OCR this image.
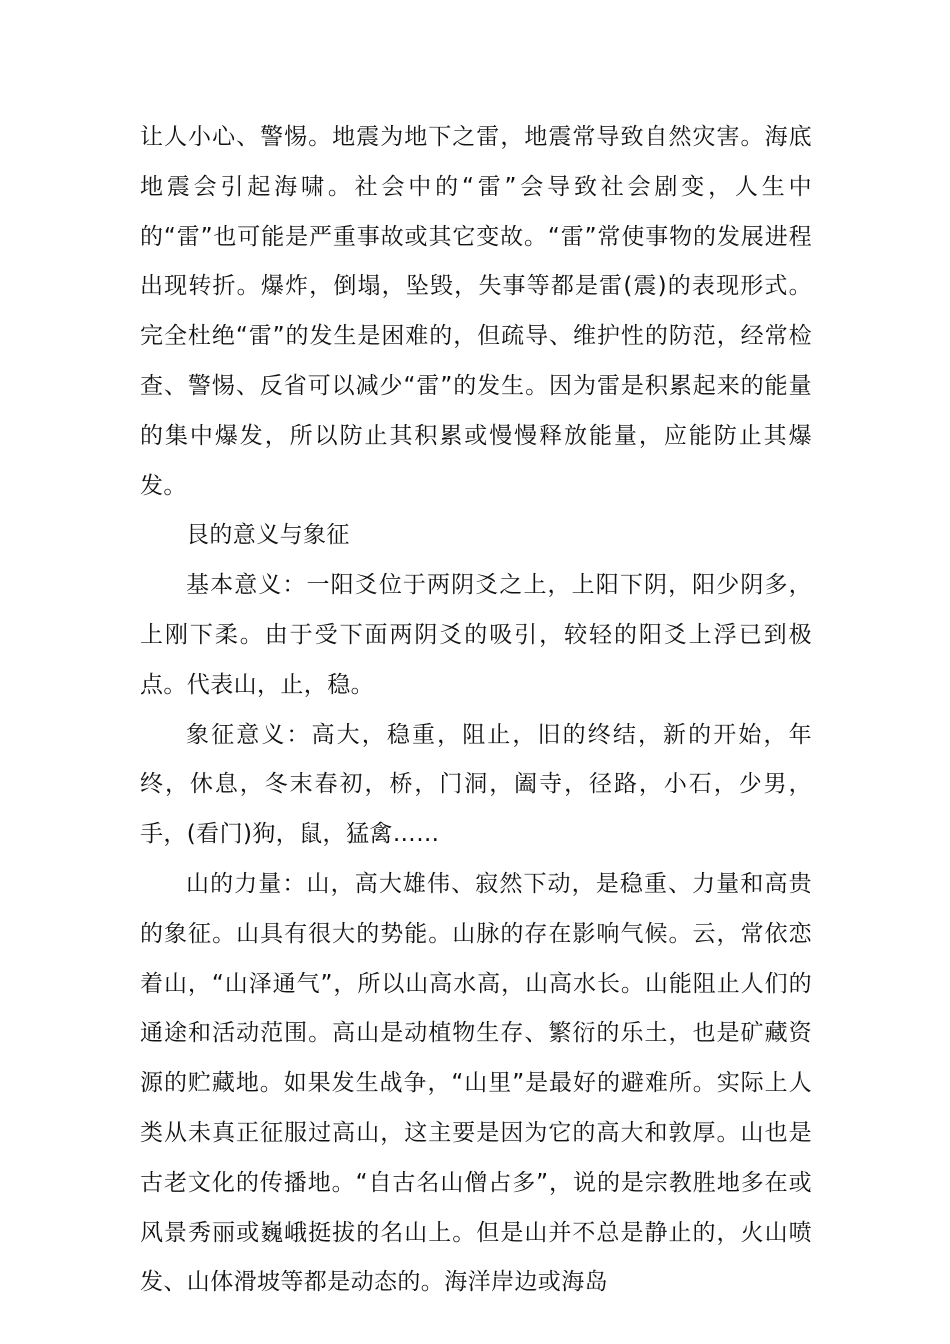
让人小心、警惕。地震为地下之雷，地震常导致自然灾害。海底地震会引起海啸。社会中的“雷”会导致社会剧变，人生中的“雷”也可能是严重事故或其它变故。“雷”常使事物的发展进程出现转折。爆炸，倒塌，坠毁，失事等都是雷(震)的表现形式。完全杜绝“雷”的发生是困难的，但疏导、维护性的防范，经常检查、警惕、反省可以减少“雷”的发生。因为雷是积累起来的能量的集中爆发，所以防止其积累或慢慢释放能量，应能防止其爆发。

艮的意义与象征

基本意义：一阳爻位于两阴爻之上，上阳下阴，阳少阴多，上刚下柔。由于受下面两阴爻的吸引，较轻的阳爻上浮已到极点。代表山，止，稳。

象征意义：高大，稳重，阻止，旧的终结，新的开始，年终，休息，冬末春初，桥，门洞，阖寺，径路，小石，少男，手，(看门)狗，鼠，猛禽……

山的力量：山，高大雄伟、寂然下动，是稳重、力量和高贵的象征。山具有很大的势能。山脉的存在影响气候。云，常依恋着山，“山泽通气”，所以山高水高，山高水长。山能阻止人们的通途和活动范围。高山是动植物生存、繁衍的乐土，也是矿藏资源的贮藏地。如果发生战争，“山里”是最好的避难所。实际上人类从未真正征服过高山，这主要是因为它的高大和敦厚。山也是古老文化的传播地。“自古名山僧占多”，说的是宗教胜地多在或风景秀丽或巍峨挺拔的名山上。但是山并不总是静止的，火山喷发、山体滑坡等都是动态的。海洋岸边或海岛
